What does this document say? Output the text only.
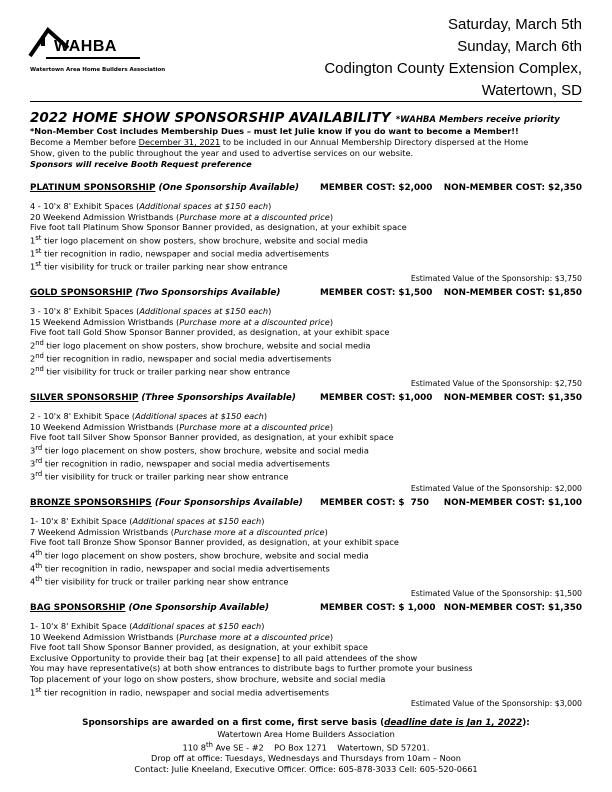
WAHBA
Watertown Area Home Builders Association
Saturday, March 5th
Sunday, March 6th
Codington County Extension Complex,
Watertown, SD
2022 HOME SHOW SPONSORSHIP AVAILABILITY *WAHBA Members receive priority
*Non-Member Cost includes Membership Dues – must let Julie know if you do want to become a Member!!
Become a Member before December 31, 2021 to be included in our Annual Membership Directory dispersed at the Home
Show, given to the public throughout the year and used to advertise services on our website.
Sponsors will receive Booth Request preference
PLATINUM SPONSORSHIP (One Sponsorship Available) MEMBER COST: $2,000 NON-MEMBER COST: $2,350
4 - 10'x 8' Exhibit Spaces (Additional spaces at $150 each)
20 Weekend Admission Wristbands (Purchase more at a discounted price)
Five foot tall Platinum Show Sponsor Banner provided, as designation, at your exhibit space
1st tier logo placement on show posters, show brochure, website and social media
1st tier recognition in radio, newspaper and social media advertisements
1st tier visibility for truck or trailer parking near show entrance
Estimated Value of the Sponsorship: $3,750
GOLD SPONSORSHIP (Two Sponsorships Available)	MEMBER COST: $1,500 NON-MEMBER COST: $1,850
3 - 10'x 8' Exhibit Spaces (Additional spaces at $150 each)
15 Weekend Admission Wristbands (Purchase more at a discounted price)
Five foot tall Gold Show Sponsor Banner provided, as designation, at your exhibit space
2nd tier logo placement on show posters, show brochure, website and social media
2nd tier recognition in radio, newspaper and social media advertisements
2nd tier visibility for truck or trailer parking near show entrance
Estimated Value of the Sponsorship: $2,750
SILVER SPONSORSHIP (Three Sponsorships Available)	MEMBER COST: $1,000 NON-MEMBER COST: $1,350
2 - 10'x 8' Exhibit Space (Additional spaces at $150 each)
10 Weekend Admission Wristbands (Purchase more at a discounted price)
Five foot tall Silver Show Sponsor Banner provided, as designation, at your exhibit space
3rd tier logo placement on show posters, show brochure, website and social media
3rd tier recognition in radio, newspaper and social media advertisements
3rd tier visibility for truck or trailer parking near show entrance
Estimated Value of the Sponsorship: $2,000
BRONZE SPONSORSHIPS (Four Sponsorships Available) MEMBER COST: $  750 NON-MEMBER COST: $1,100
1- 10'x 8' Exhibit Space (Additional spaces at $150 each)
7 Weekend Admission Wristbands (Purchase more at a discounted price)
Five foot tall Bronze Show Sponsor Banner provided, as designation, at your exhibit space
4th tier logo placement on show posters, show brochure, website and social media
4th tier recognition in radio, newspaper and social media advertisements
4th tier visibility for truck or trailer parking near show entrance
Estimated Value of the Sponsorship: $1,500
BAG SPONSORSHIP (One Sponsorship Available)	MEMBER COST: $ 1,000 NON-MEMBER COST: $1,350
1- 10'x 8' Exhibit Space (Additional spaces at $150 each)
10 Weekend Admission Wristbands (Purchase more at a discounted price)
Five foot tall Show Sponsor Banner provided, as designation, at your exhibit space
Exclusive Opportunity to provide their bag [at their expense] to all paid attendees of the show
You may have representative(s) at both show entrances to distribute bags to further promote your business
Top placement of your logo on show posters, show brochure, website and social media
1st tier recognition in radio, newspaper and social media advertisements
Estimated Value of the Sponsorship: $3,000
Sponsorships are awarded on a first come, first serve basis (deadline date is Jan 1, 2022):
Watertown Area Home Builders Association
110 8th Ave SE - #2    PO Box 1271    Watertown, SD 57201.
Drop off at office: Tuesdays, Wednesdays and Thursdays from 10am – Noon
Contact: Julie Kneeland, Executive Officer. Office: 605-878-3033 Cell: 605-520-0661
